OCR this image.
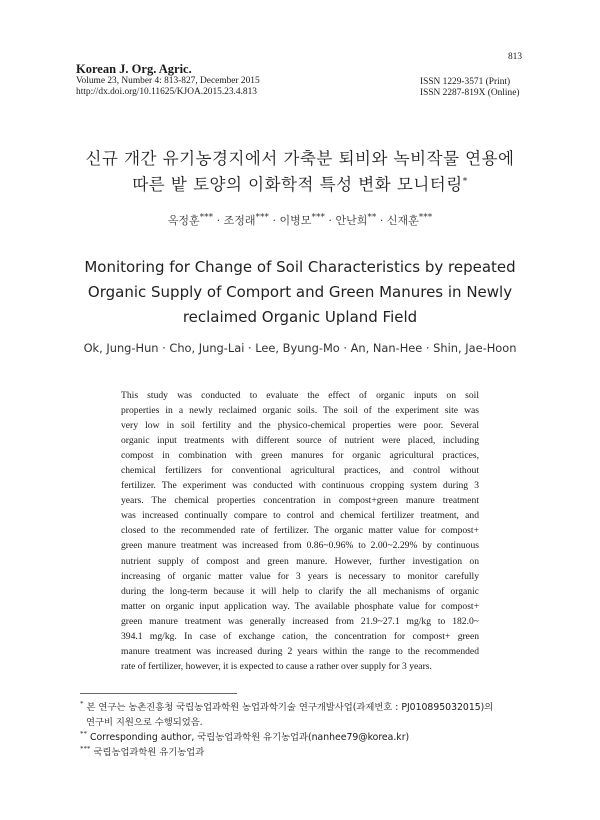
813
Korean J. Org. Agric.
Volume 23, Number 4: 813-827, December 2015
http://dx.doi.org/10.11625/KJOA.2015.23.4.813
ISSN 1229-3571 (Print)
ISSN 2287-819X (Online)
신규 개간 유기농경지에서 가축분 퇴비와 녹비작물 연용에
따른 밭 토양의 이화학적 특성 변화 모니터링*
옥정훈*** · 조정래*** · 이병모*** · 안난희** · 신재훈***
Monitoring for Change of Soil Characteristics by repeated
Organic Supply of Comport and Green Manures in Newly
reclaimed Organic Upland Field
Ok, Jung-Hun · Cho, Jung-Lai · Lee, Byung-Mo · An, Nan-Hee · Shin, Jae-Hoon
This study was conducted to evaluate the effect of organic inputs on soil
properties in a newly reclaimed organic soils. The soil of the experiment site was
very low in soil fertility and the physico-chemical properties were poor. Several
organic input treatments with different source of nutrient were placed, including
compost in combination with green manures for organic agricultural practices,
chemical fertilizers for conventional agricultural practices, and control without
fertilizer. The experiment was conducted with continuous cropping system during 3
years. The chemical properties concentration in compost+green manure treatment
was increased continually compare to control and chemical fertilizer treatment, and
closed to the recommended rate of fertilizer. The organic matter value for compost+
green manure treatment was increased from 0.86~0.96% to 2.00~2.29% by continuous
nutrient supply of compost and green manure. However, further investigation on
increasing of organic matter value for 3 years is necessary to monitor carefully
during the long-term because it will help to clarify the all mechanisms of organic
matter on organic input application way. The available phosphate value for compost+
green manure treatment was generally increased from 21.9~27.1 mg/kg to 182.0~
394.1 mg/kg. In case of exchange cation, the concentration for compost+ green
manure treatment was increased during 2 years within the range to the recommended
rate of fertilizer, however, it is expected to cause a rather over supply for 3 years.
* 본 연구는 농촌진흥청 국립농업과학원 농업과학기술 연구개발사업(과제번호 : PJ010895032015)의
연구비 지원으로 수행되었음.
** Corresponding author, 국립농업과학원 유기농업과(nanhee79@korea.kr)
*** 국립농업과학원 유기농업과
